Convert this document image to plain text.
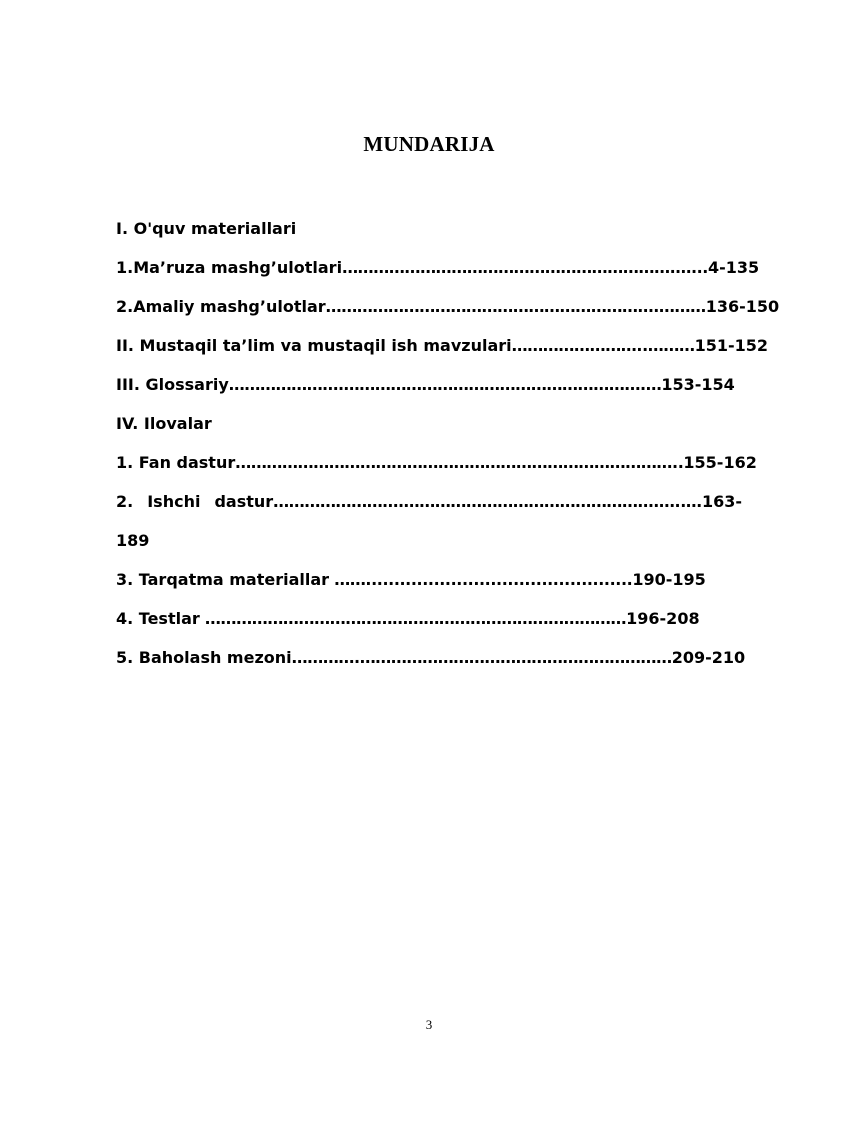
MUNDARIJA
I. O'quv materiallari
1.Ma’ruza mashg’ulotlari……………………………………………………….…...4-135
2.Amaliy mashg’ulotlar……………………………………………………….………136-150
II. Mustaqil ta’lim va mustaqil ish mavzulari……………………..………151-152
III. Glossariy………………….………………………………………………….…153-154
IV. Ilovalar
1. Fan dastur…………………………………………………………………………..155-162
2. Ishchi dastur …………………….………………………………………….…..… 163-
189
3. Tarqatma materiallar ……...............................................190-195
4. Testlar ………………………………………………………………………196-208
5. Baholash mezoni………….……………………………………………………209-210
3
